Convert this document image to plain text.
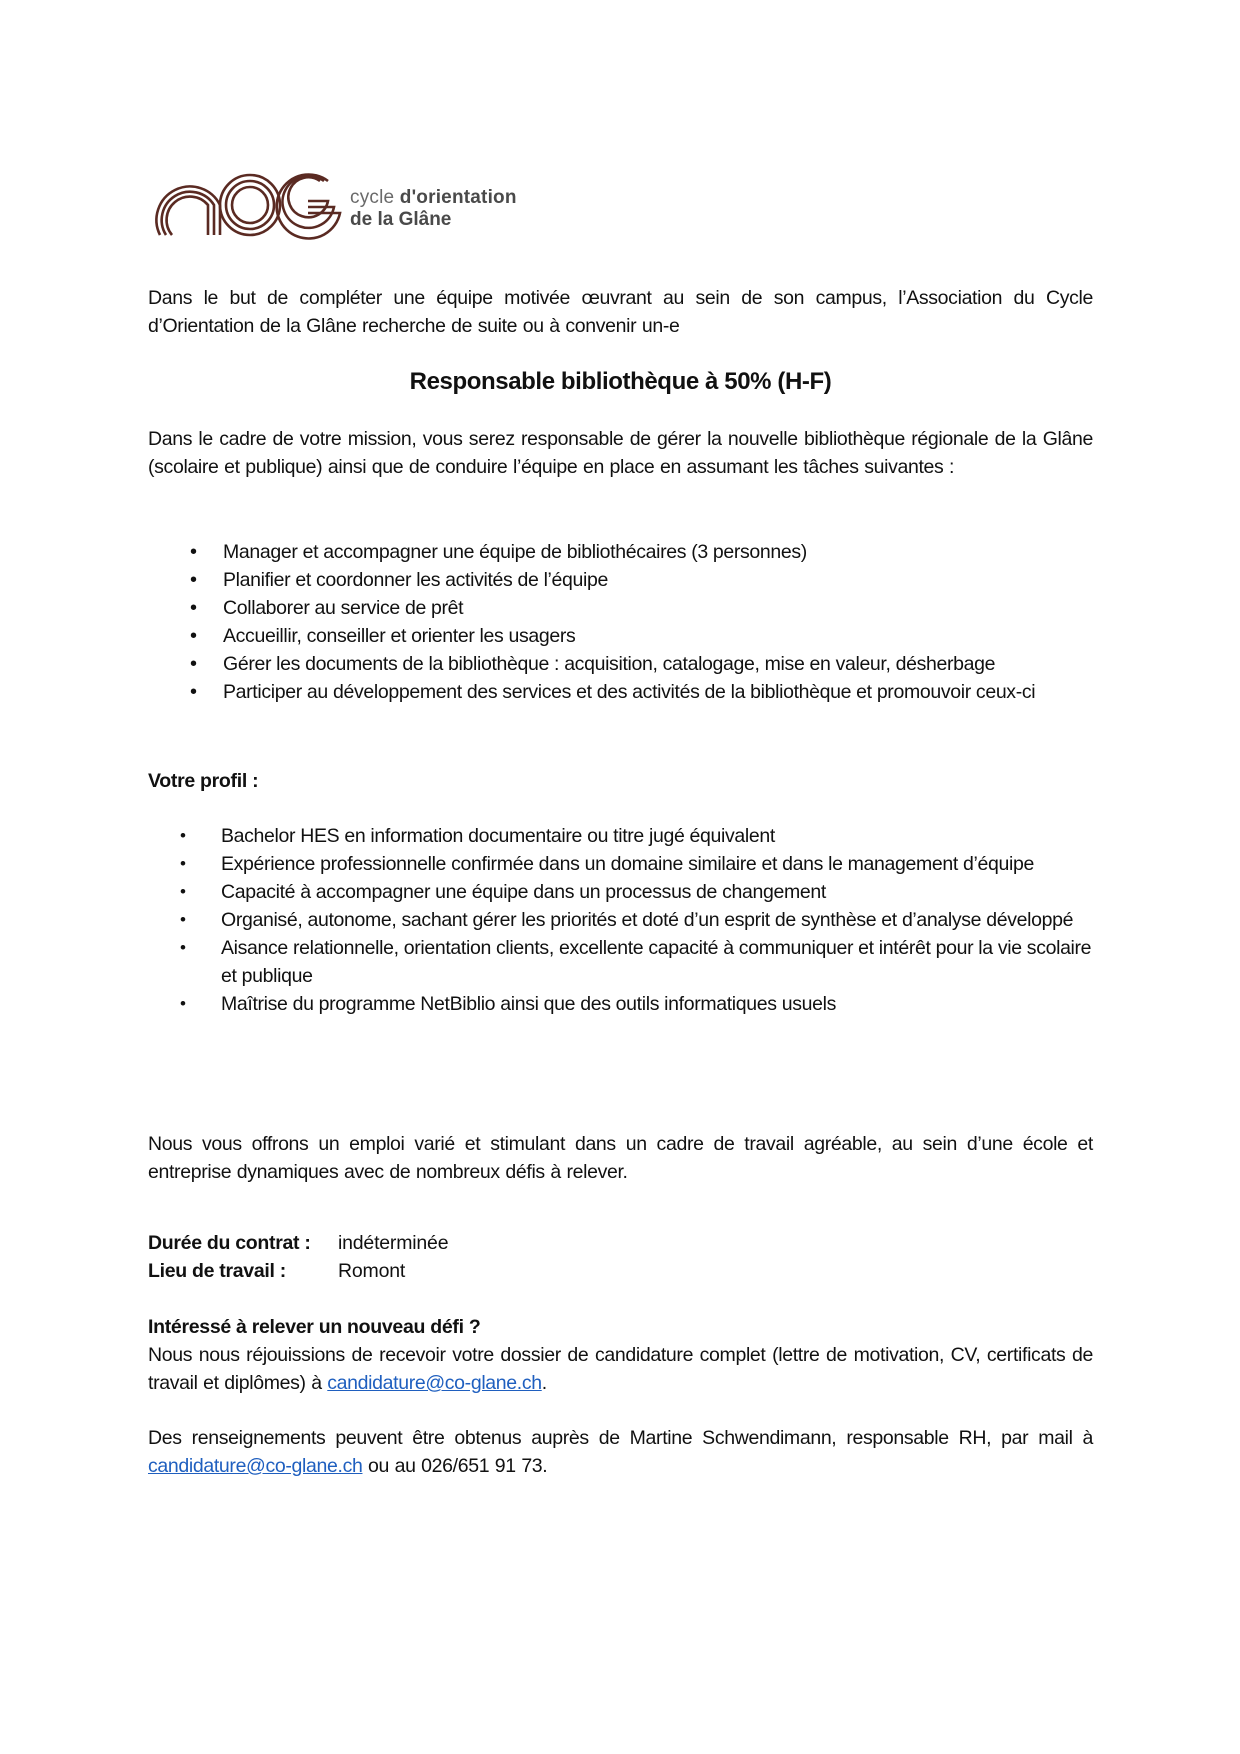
cycle d'orientation
de la Glâne
Dans le but de compléter une équipe motivée œuvrant au sein de son campus, l’Association du Cycle d’Orientation de la Glâne recherche de suite ou à convenir un-e
Responsable bibliothèque à 50% (H-F)
Dans le cadre de votre mission, vous serez responsable de gérer la nouvelle bibliothèque régionale de la Glâne (scolaire et publique) ainsi que de conduire l’équipe en place en assumant les tâches suivantes :
• Manager et accompagner une équipe de bibliothécaires (3 personnes)
• Planifier et coordonner les activités de l’équipe
• Collaborer au service de prêt
• Accueillir, conseiller et orienter les usagers
• Gérer les documents de la bibliothèque : acquisition, catalogage, mise en valeur, désherbage
• Participer au développement des services et des activités de la bibliothèque et promouvoir ceux-ci
Votre profil :
• Bachelor HES en information documentaire ou titre jugé équivalent
• Expérience professionnelle confirmée dans un domaine similaire et dans le management d’équipe
• Capacité à accompagner une équipe dans un processus de changement
• Organisé, autonome, sachant gérer les priorités et doté d’un esprit de synthèse et d’analyse développé
• Aisance relationnelle, orientation clients, excellente capacité à communiquer et intérêt pour la vie scolaire et publique
• Maîtrise du programme NetBiblio ainsi que des outils informatiques usuels
Nous vous offrons un emploi varié et stimulant dans un cadre de travail agréable, au sein d’une école et entreprise dynamiques avec de nombreux défis à relever.
Durée du contrat :	indéterminée
Lieu de travail :	Romont
Intéressé à relever un nouveau défi ?
Nous nous réjouissions de recevoir votre dossier de candidature complet (lettre de motivation, CV, certificats de travail et diplômes) à candidature@co-glane.ch.
Des renseignements peuvent être obtenus auprès de Martine Schwendimann, responsable RH, par mail à candidature@co-glane.ch ou au 026/651 91 73.
